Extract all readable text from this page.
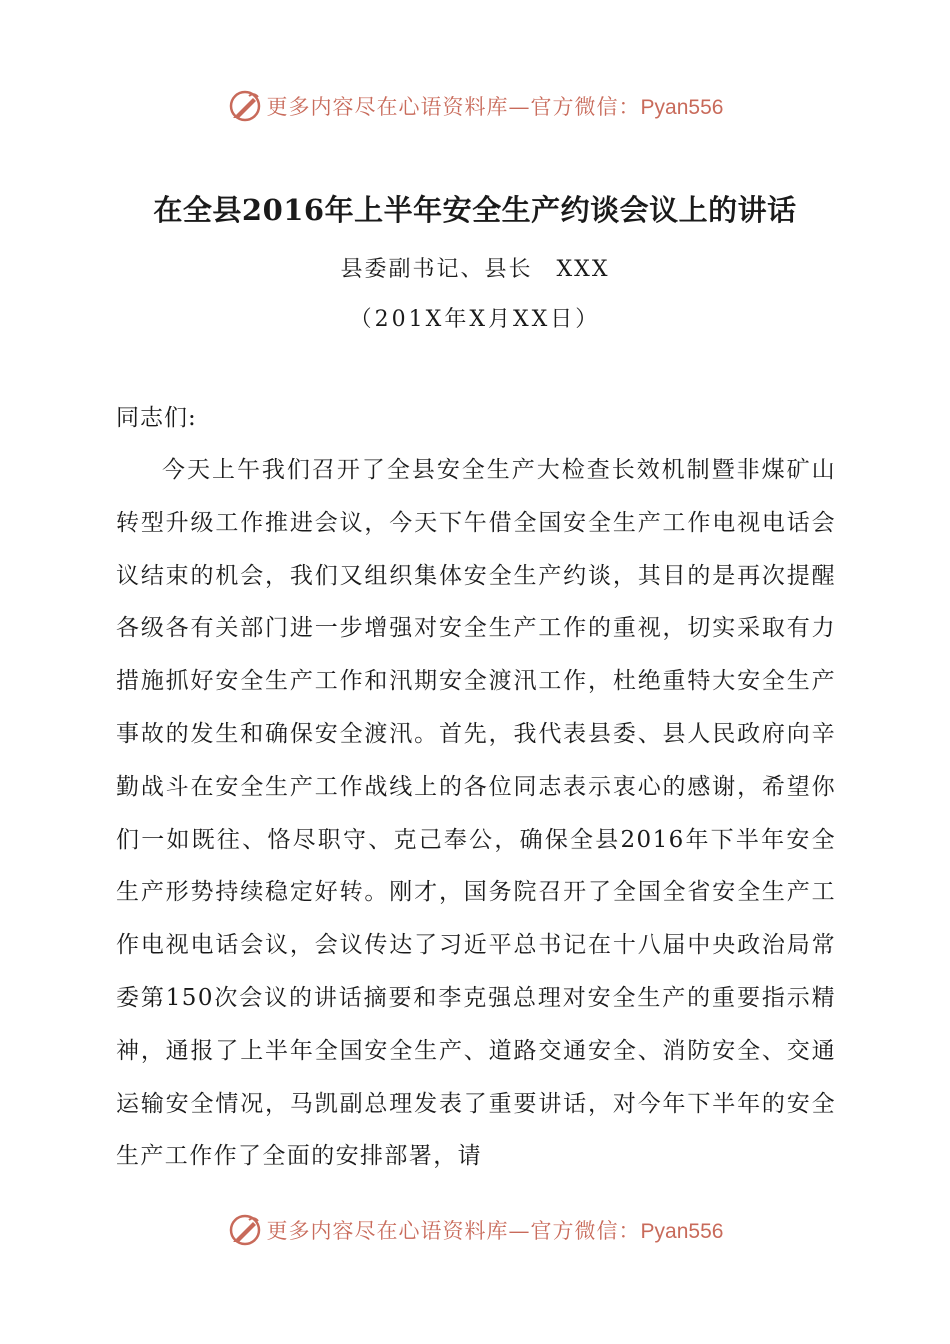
更多内容尽在心语资料库—官方微信：Pyan556
在全县2016年上半年安全生产约谈会议上的讲话
县委副书记、县长　XXX
（201X年X月XX日）
同志们:

今天上午我们召开了全县安全生产大检查长效机制暨非煤矿山转型升级工作推进会议，今天下午借全国安全生产工作电视电话会议结束的机会，我们又组织集体安全生产约谈，其目的是再次提醒各级各有关部门进一步增强对安全生产工作的重视，切实采取有力措施抓好安全生产工作和汛期安全渡汛工作，杜绝重特大安全生产事故的发生和确保安全渡汛。首先，我代表县委、县人民政府向辛勤战斗在安全生产工作战线上的各位同志表示衷心的感谢，希望你们一如既往、恪尽职守、克己奉公，确保全县2016年下半年安全生产形势持续稳定好转。刚才，国务院召开了全国全省安全生产工作电视电话会议，会议传达了习近平总书记在十八届中央政治局常委第150次会议的讲话摘要和李克强总理对安全生产的重要指示精神，通报了上半年全国安全生产、道路交通安全、消防安全、交通运输安全情况，马凯副总理发表了重要讲话，对今年下半年的安全生产工作作了全面的安排部署，请

更多内容尽在心语资料库—官方微信：Pyan556
